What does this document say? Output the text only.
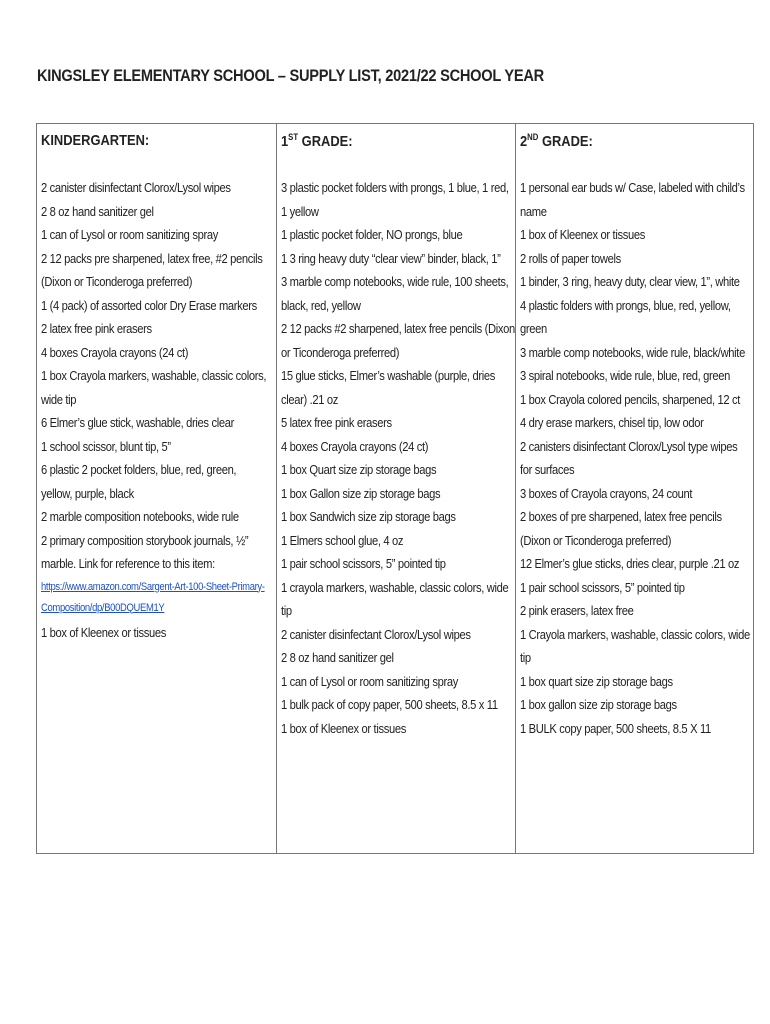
KINGSLEY ELEMENTARY SCHOOL – SUPPLY LIST, 2021/22 SCHOOL YEAR
KINDERGARTEN:
2 canister disinfectant Clorox/Lysol wipes
2 8 oz hand sanitizer gel
1 can of Lysol or room sanitizing spray
2 12 packs pre sharpened, latex free, #2 pencils (Dixon or Ticonderoga preferred)
1 (4 pack) of assorted color Dry Erase markers
2 latex free pink erasers
4 boxes Crayola crayons (24 ct)
1 box Crayola markers, washable, classic colors, wide tip
6 Elmer’s glue stick, washable, dries clear
1 school scissor, blunt tip, 5”
6 plastic 2 pocket folders, blue, red, green, yellow, purple, black
2 marble composition notebooks, wide rule
2 primary composition storybook journals, ½” marble. Link for reference to this item:
https://www.amazon.com/Sargent-Art-100-Sheet-Primary-Composition/dp/B00DQUEM1Y
1 box of Kleenex or tissues
1ST GRADE:
3 plastic pocket folders with prongs, 1 blue, 1 red, 1 yellow
1 plastic pocket folder, NO prongs, blue
1 3 ring heavy duty “clear view” binder, black, 1”
3 marble comp notebooks, wide rule, 100 sheets, black, red, yellow
2 12 packs #2 sharpened, latex free pencils (Dixon or Ticonderoga preferred)
15 glue sticks, Elmer’s washable (purple, dries clear) .21 oz
5 latex free pink erasers
4 boxes Crayola crayons (24 ct)
1 box Quart size zip storage bags
1 box Gallon size zip storage bags
1 box Sandwich size zip storage bags
1 Elmers school glue, 4 oz
1 pair school scissors, 5” pointed tip
1 crayola markers, washable, classic colors, wide tip
2 canister disinfectant Clorox/Lysol wipes
2 8 oz hand sanitizer gel
1 can of Lysol or room sanitizing spray
1 bulk pack of copy paper, 500 sheets, 8.5 x 11
1 box of Kleenex or tissues
2ND GRADE:
1 personal ear buds w/ Case, labeled with child’s name
1 box of Kleenex or tissues
2 rolls of paper towels
1 binder, 3 ring, heavy duty, clear view, 1”, white
4 plastic folders with prongs, blue, red, yellow, green
3 marble comp notebooks, wide rule, black/white
3 spiral notebooks, wide rule, blue, red, green
1 box Crayola colored pencils, sharpened, 12 ct
4 dry erase markers, chisel tip, low odor
2 canisters disinfectant Clorox/Lysol type wipes for surfaces
3 boxes of Crayola crayons, 24 count
2 boxes of pre sharpened, latex free pencils (Dixon or Ticonderoga preferred)
12 Elmer’s glue sticks, dries clear, purple .21 oz
1 pair school scissors, 5” pointed tip
2 pink erasers, latex free
1 Crayola markers, washable, classic colors, wide tip
1 box quart size zip storage bags
1 box gallon size zip storage bags
1 BULK copy paper, 500 sheets, 8.5 X 11
